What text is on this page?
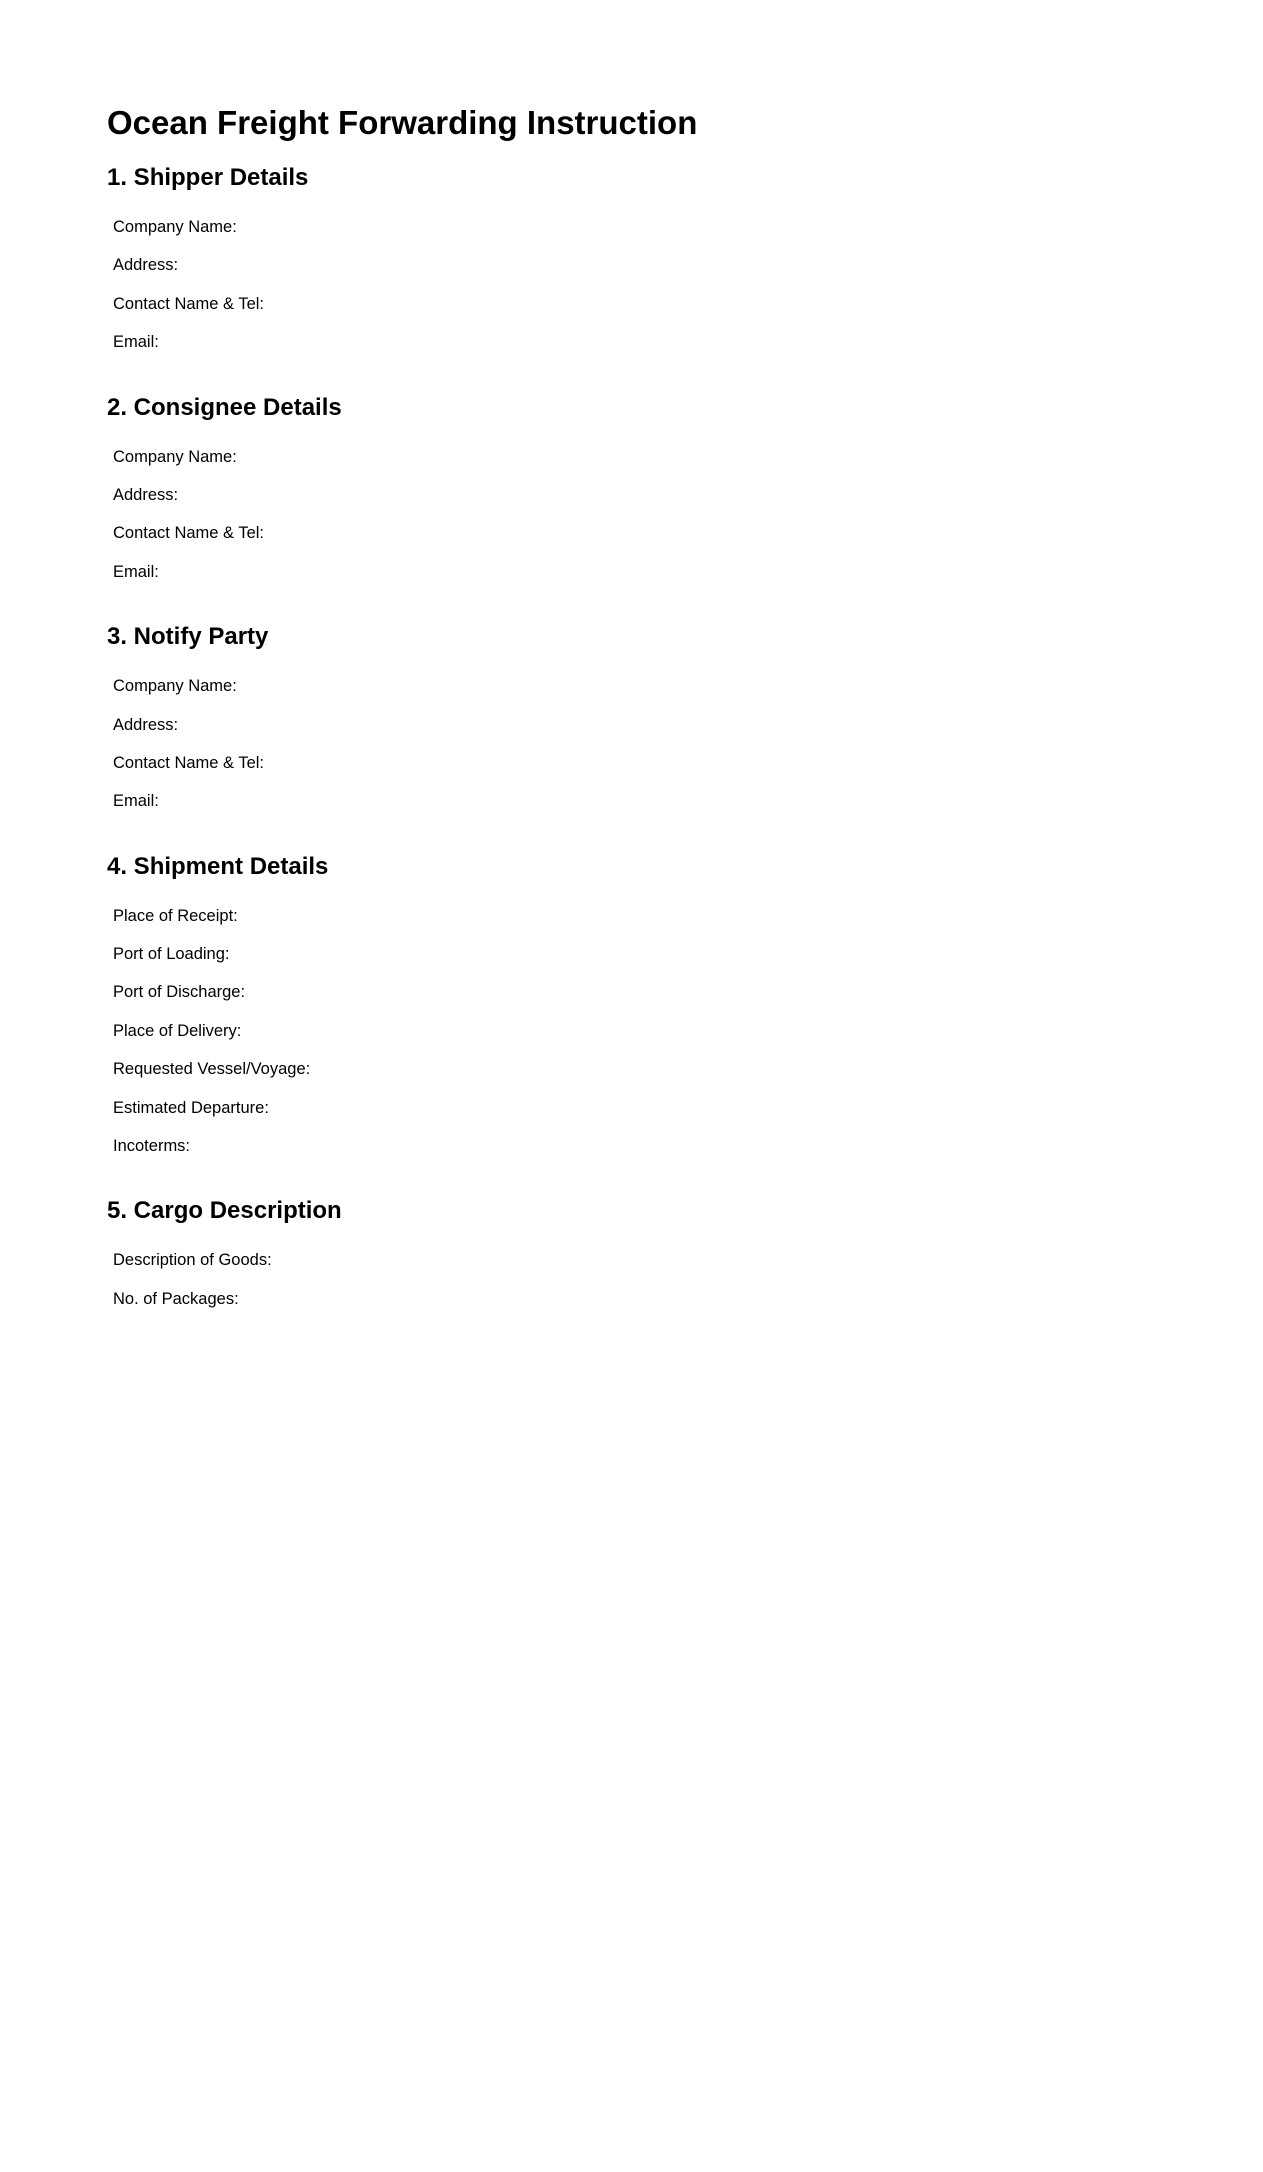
Ocean Freight Forwarding Instruction
1. Shipper Details
Company Name:
Address:
Contact Name & Tel:
Email:
2. Consignee Details
Company Name:
Address:
Contact Name & Tel:
Email:
3. Notify Party
Company Name:
Address:
Contact Name & Tel:
Email:
4. Shipment Details
Place of Receipt:
Port of Loading:
Port of Discharge:
Place of Delivery:
Requested Vessel/Voyage:
Estimated Departure:
Incoterms:
5. Cargo Description
Description of Goods:
No. of Packages:
